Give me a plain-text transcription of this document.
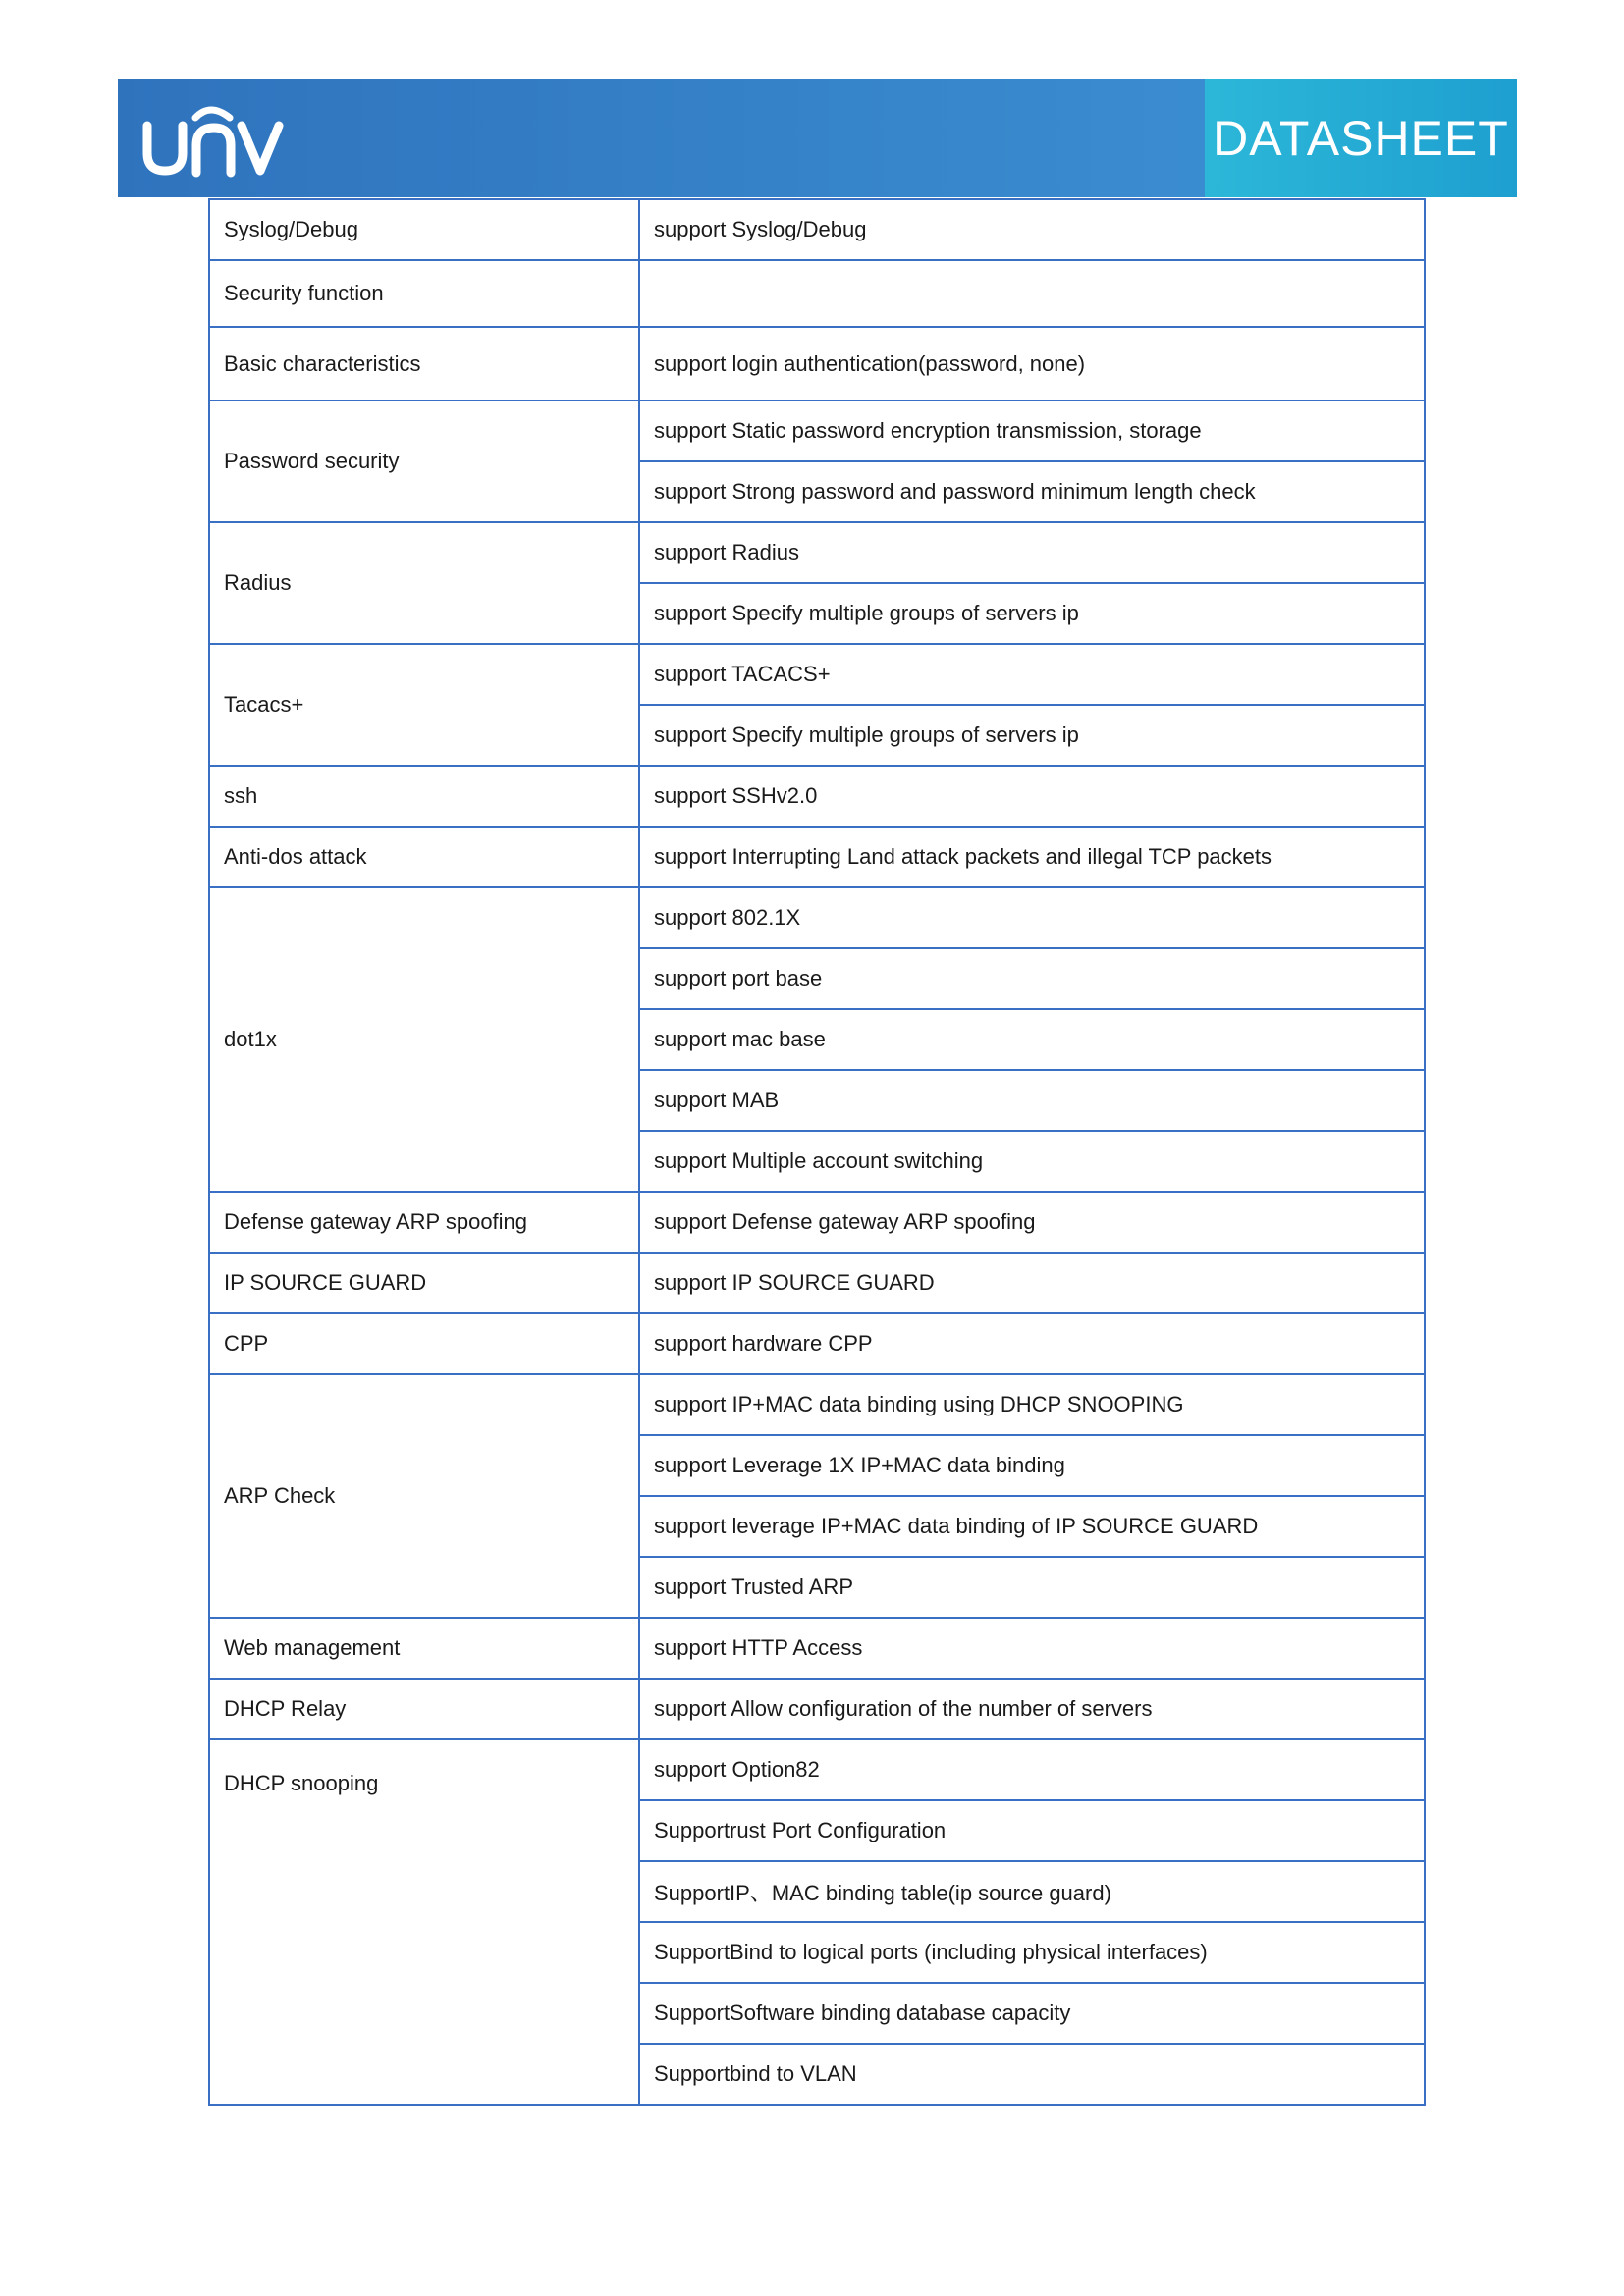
DATASHEET
Syslog/Debug	support Syslog/Debug
Security function	
Basic characteristics	support login authentication(password, none)
Password security	support Static password encryption transmission, storage
	support Strong password and password minimum length check
Radius	support Radius
	support Specify multiple groups of servers ip
Tacacs+	support TACACS+
	support Specify multiple groups of servers ip
ssh	support SSHv2.0
Anti-dos attack	support Interrupting Land attack packets and illegal TCP packets
dot1x	support 802.1X
	support port base
	support mac base
	support MAB
	support Multiple account switching
Defense gateway ARP spoofing	support Defense gateway ARP spoofing
IP SOURCE GUARD	support IP SOURCE GUARD
CPP	support hardware CPP
ARP Check	support IP+MAC data binding using DHCP SNOOPING
	support Leverage 1X IP+MAC data binding
	support leverage IP+MAC data binding of IP SOURCE GUARD
	support Trusted ARP
Web management	support HTTP Access
DHCP Relay	support Allow configuration of the number of servers
DHCP snooping	support Option82
	Supportrust Port Configuration
	SupportIP、MAC binding table(ip source guard)
	SupportBind to logical ports (including physical interfaces)
	SupportSoftware binding database capacity
	Supportbind to VLAN
